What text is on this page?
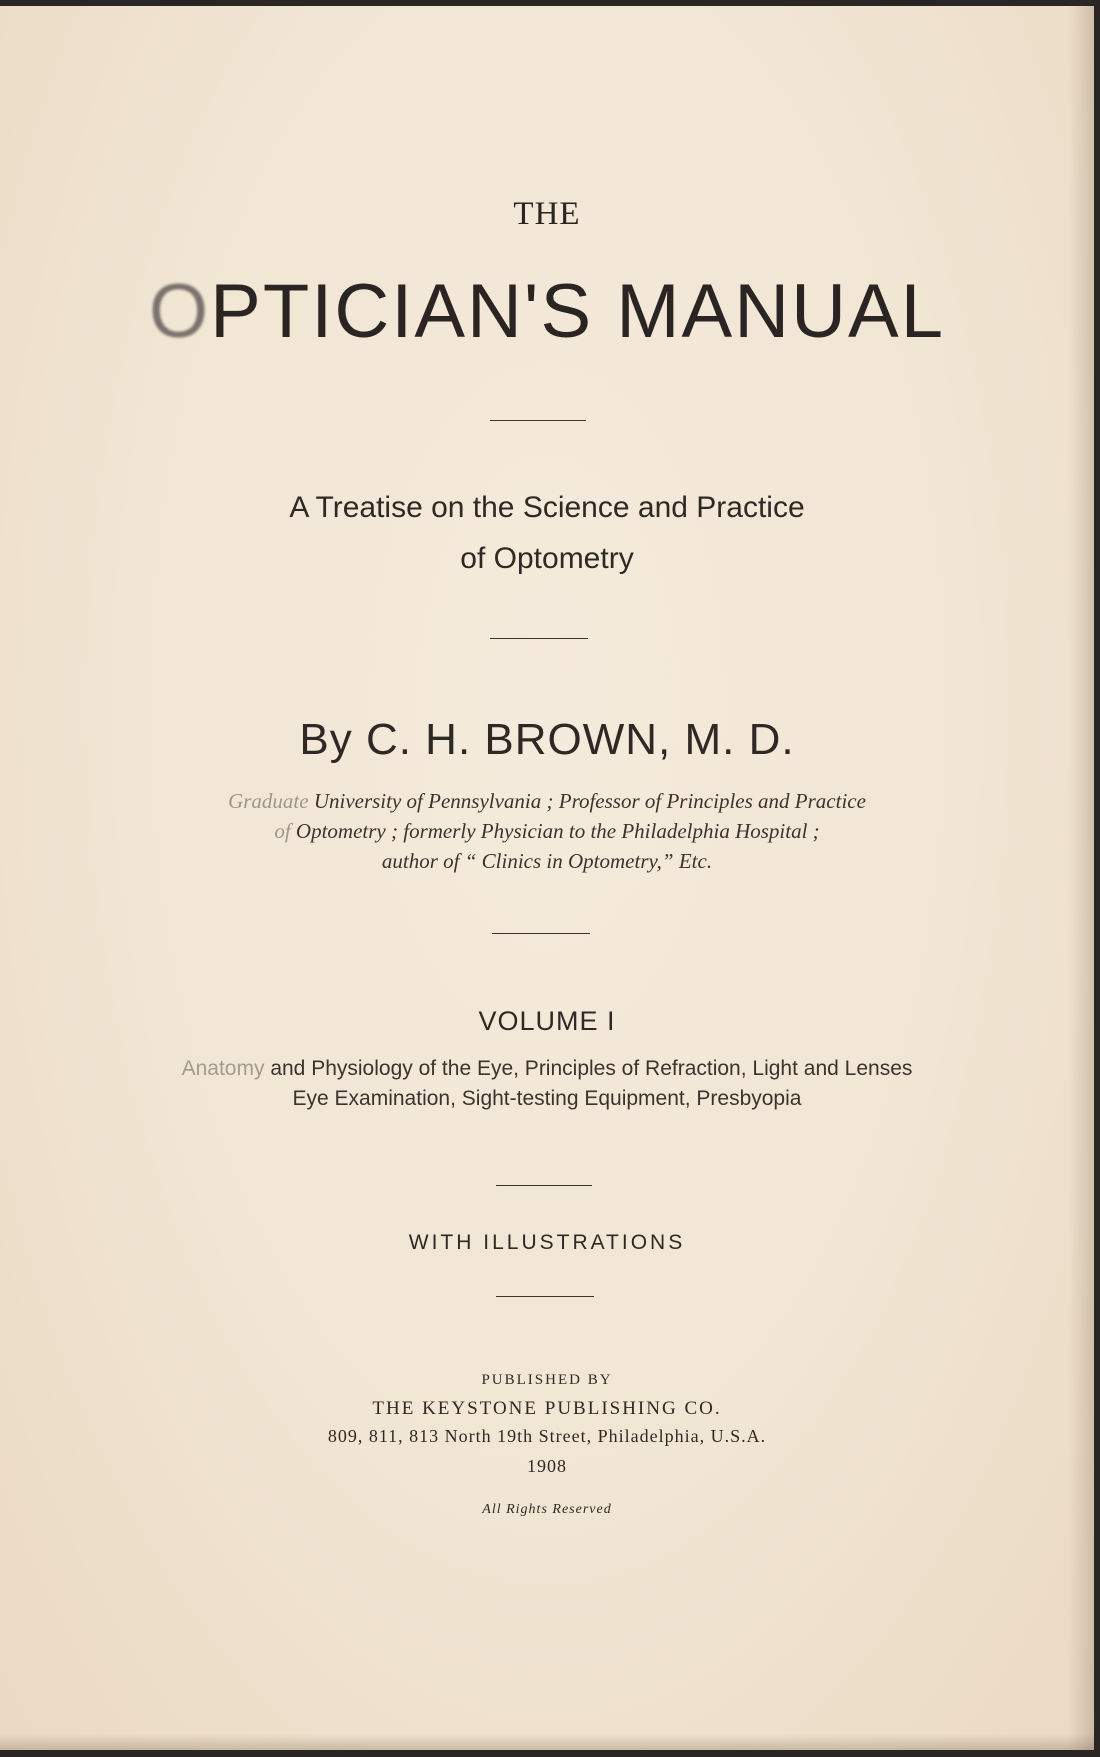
THE
OPTICIAN'S MANUAL
A Treatise on the Science and Practice
of Optometry
By C. H. BROWN, M. D.
Graduate University of Pennsylvania ; Professor of Principles and Practice
of Optometry ; formerly Physician to the Philadelphia Hospital ;
author of “ Clinics in Optometry,” Etc.
VOLUME I
Anatomy and Physiology of the Eye, Principles of Refraction, Light and Lenses
Eye Examination, Sight-testing Equipment, Presbyopia
WITH ILLUSTRATIONS
PUBLISHED BY
THE KEYSTONE PUBLISHING CO.
809, 811, 813 North 19th Street, Philadelphia, U.S.A.
1908
All Rights Reserved
